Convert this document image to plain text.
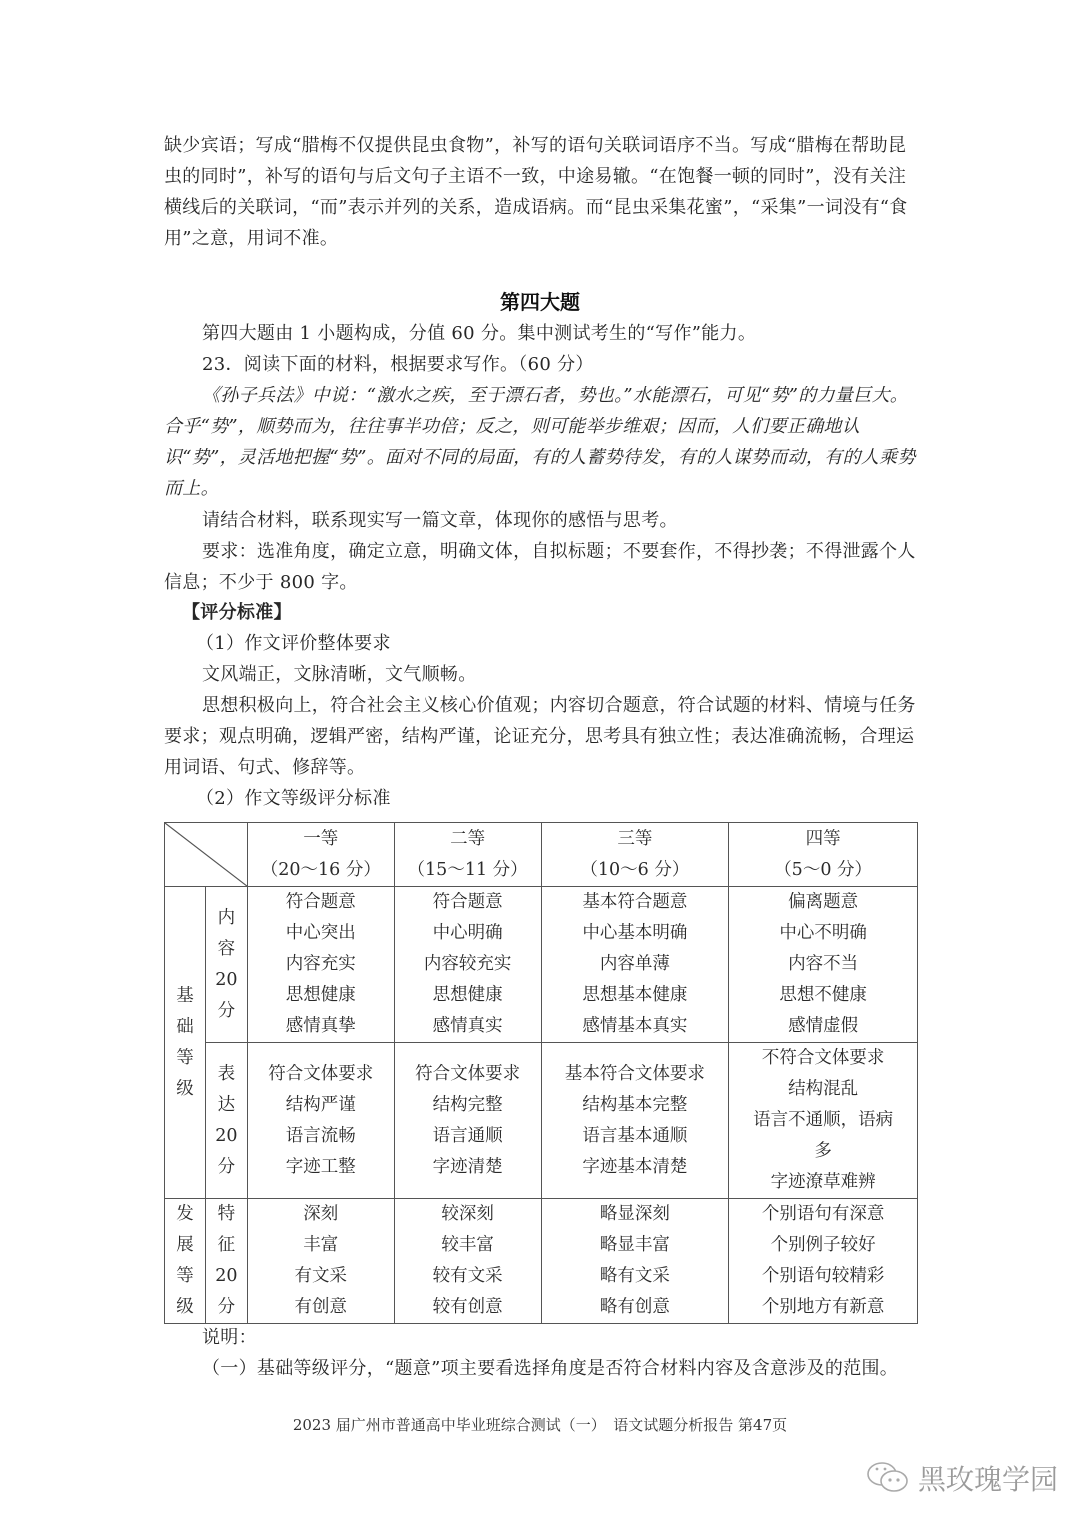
缺少宾语；写成“腊梅不仅提供昆虫食物”，补写的语句关联词语序不当。写成“腊梅在帮助昆虫的同时”，补写的语句与后文句子主语不一致，中途易辙。“在饱餐一顿的同时”，没有关注横线后的关联词，“而”表示并列的关系，造成语病。而“昆虫采集花蜜”，“采集”一词没有“食用”之意，用词不准。
第四大题
第四大题由 1 小题构成，分值 60 分。集中测试考生的“写作”能力。
23．阅读下面的材料，根据要求写作。（60 分）
《孙子兵法》中说：“激水之疾，至于漂石者，势也。”水能漂石，可见“势”的力量巨大。合乎“势”，顺势而为，往往事半功倍；反之，则可能举步维艰；因而，人们要正确地认识“势”，灵活地把握“势”。面对不同的局面，有的人蓄势待发，有的人谋势而动，有的人乘势而上。
请结合材料，联系现实写一篇文章，体现你的感悟与思考。
要求：选准角度，确定立意，明确文体，自拟标题；不要套作，不得抄袭；不得泄露个人信息；不少于 800 字。
【评分标准】
（1）作文评价整体要求
文风端正，文脉清晰，文气顺畅。
思想积极向上，符合社会主义核心价值观；内容切合题意，符合试题的材料、情境与任务要求；观点明确，逻辑严密，结构严谨，论证充分，思考具有独立性；表达准确流畅，合理运用词语、句式、修辞等。
（2）作文等级评分标准

一等
（20～16 分）	二等
（15～11 分）	三等
（10～6 分）	四等
（5～0 分）

基
础
等
级	内
容
20
分	符合题意
中心突出
内容充实
思想健康
感情真挚	符合题意
中心明确
内容较充实
思想健康
感情真实	基本符合题意
中心基本明确
内容单薄
思想基本健康
感情基本真实	偏离题意
中心不明确
内容不当
思想不健康
感情虚假

	表
达
20
分	符合文体要求
结构严谨
语言流畅
字迹工整	符合文体要求
结构完整
语言通顺
字迹清楚	基本符合文体要求
结构基本完整
语言基本通顺
字迹基本清楚	不符合文体要求
结构混乱
语言不通顺，语病
多
字迹潦草难辨

发
展
等
级	特
征
20
分	深刻
丰富
有文采
有创意	较深刻
较丰富
较有文采
较有创意	略显深刻
略显丰富
略有文采
略有创意	个别语句有深意
个别例子较好
个别语句较精彩
个别地方有新意
说明：
（一）基础等级评分，“题意”项主要看选择角度是否符合材料内容及含意涉及的范围。
2023 届广州市普通高中毕业班综合测试（一）　语文试题分析报告 第47页
黑玫瑰学园
